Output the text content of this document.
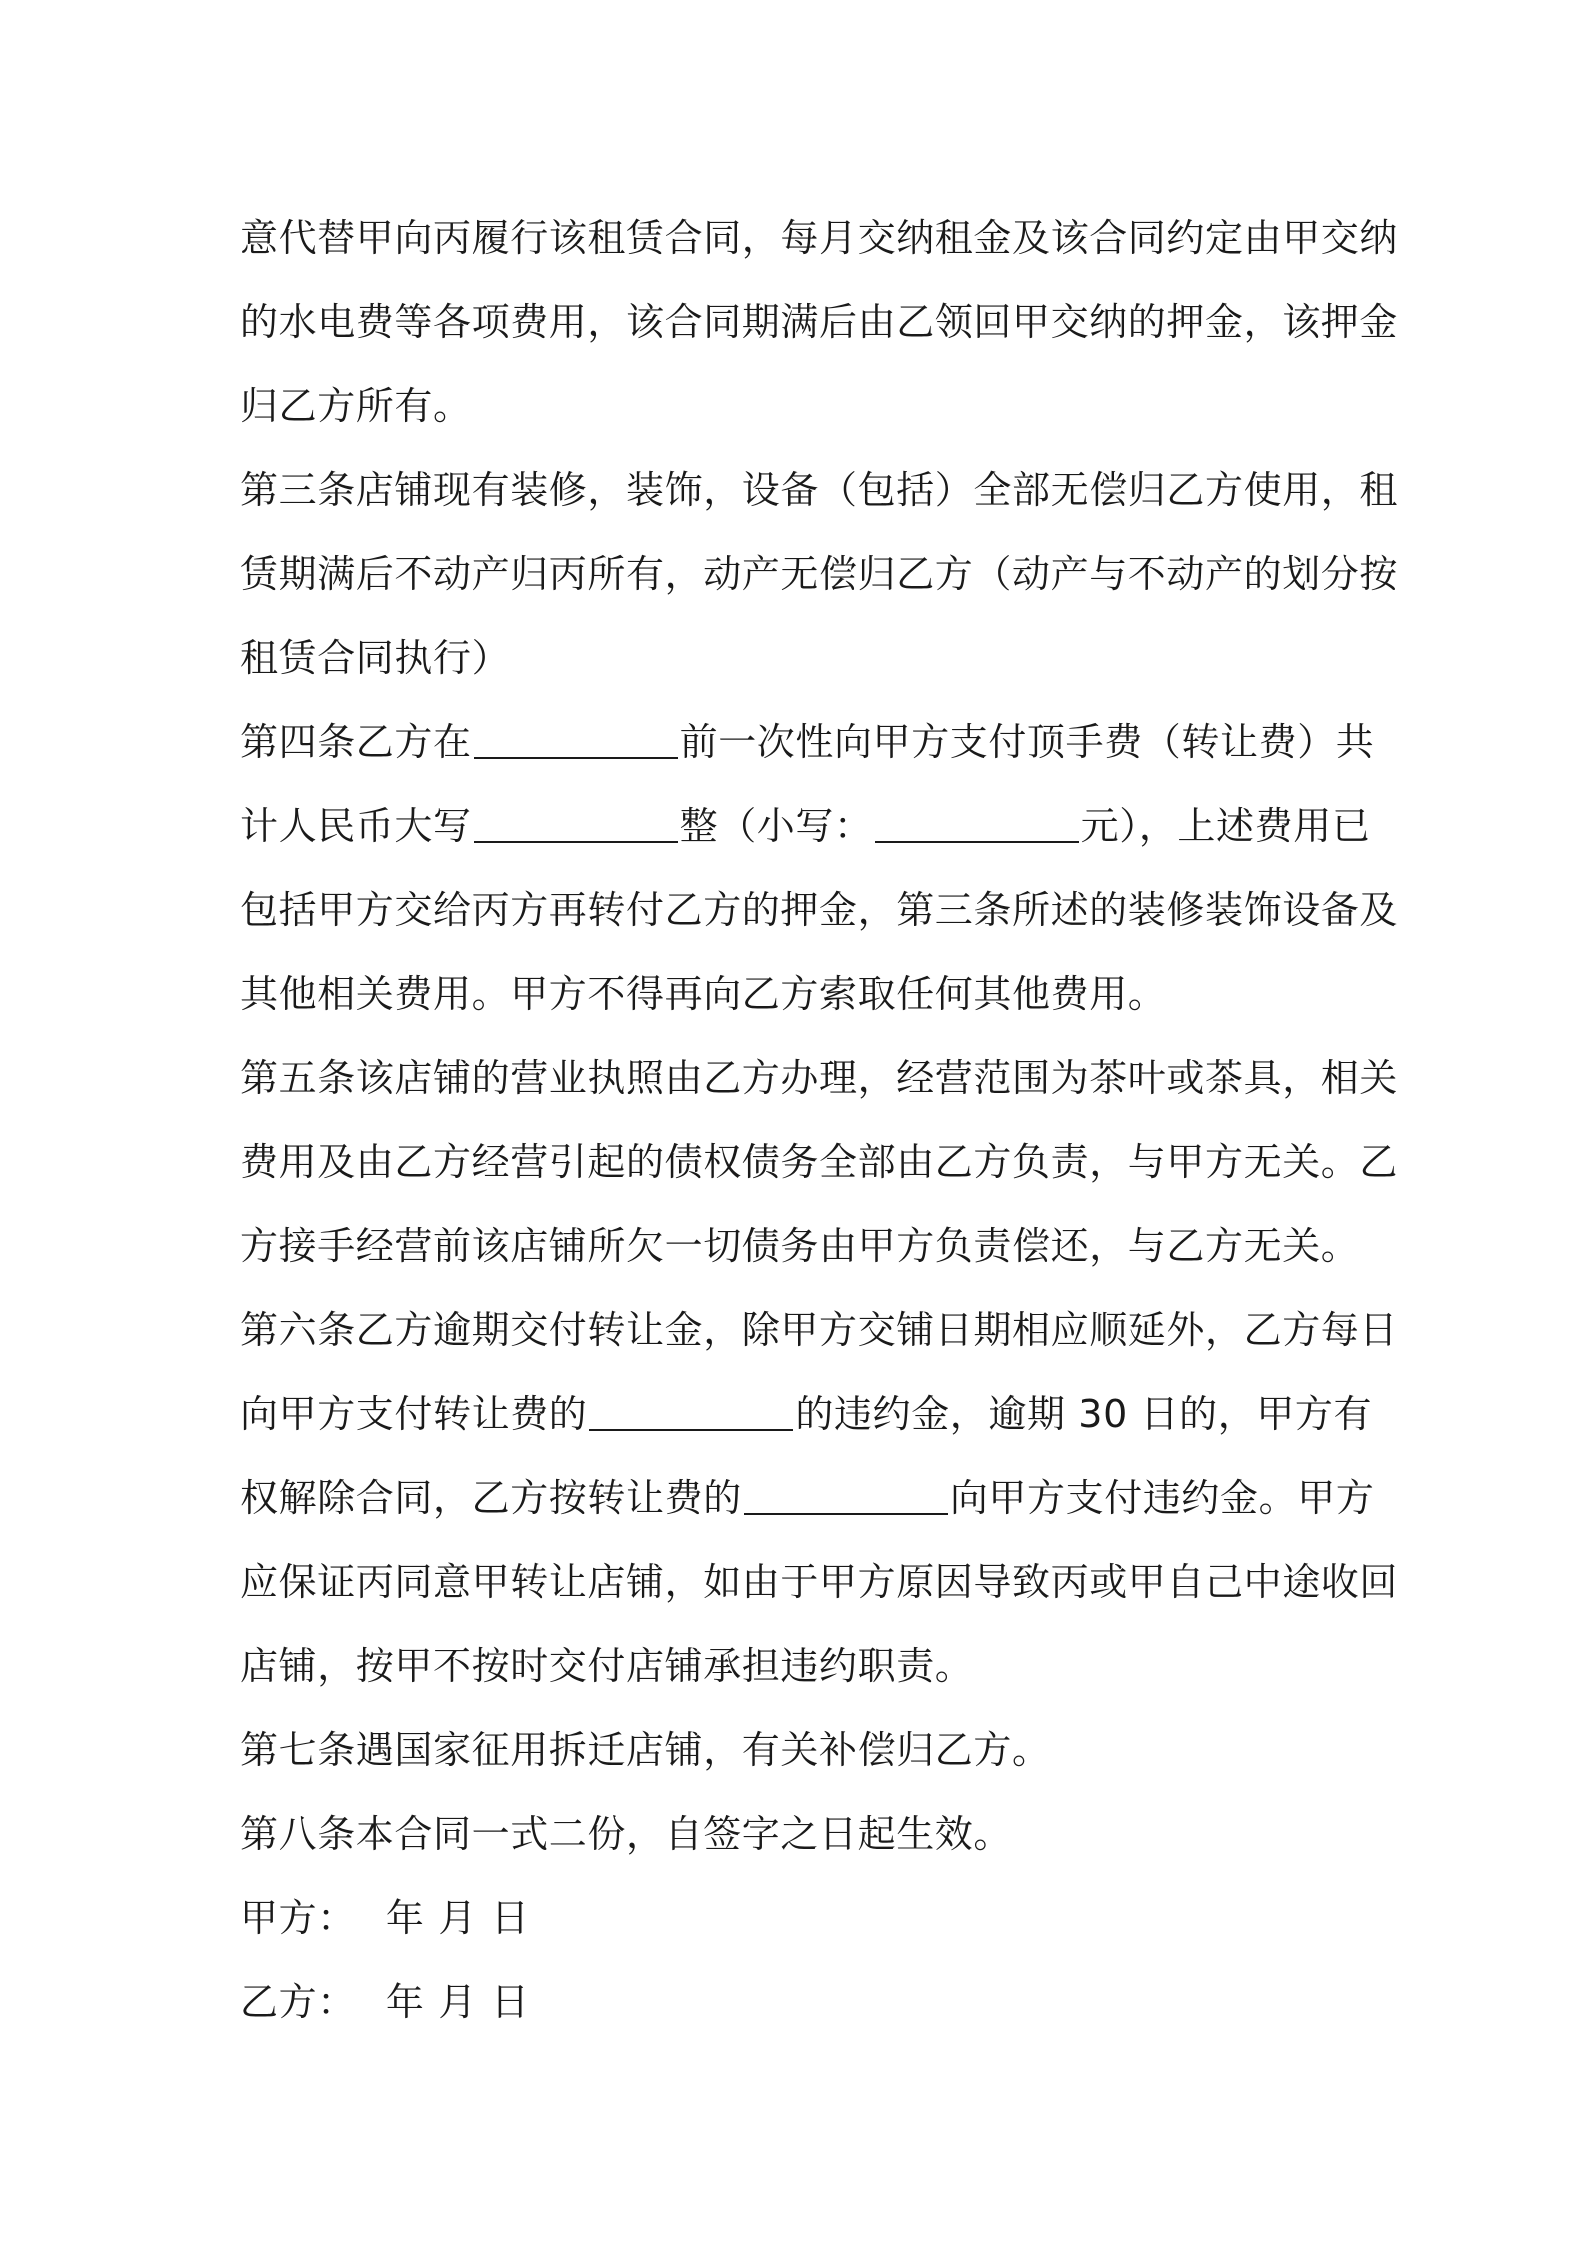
意代替甲向丙履行该租赁合同，每月交纳租金及该合同约定由甲交纳
的水电费等各项费用，该合同期满后由乙领回甲交纳的押金，该押金
归乙方所有。
第三条店铺现有装修，装饰，设备（包括）全部无偿归乙方使用，租
赁期满后不动产归丙所有，动产无偿归乙方（动产与不动产的划分按
租赁合同执行）
第四条乙方在	前一次性向甲方支付顶手费（转让费）共
计人民币大写	整（小写：	元），上述费用已
包括甲方交给丙方再转付乙方的押金，第三条所述的装修装饰设备及
其他相关费用。甲方不得再向乙方索取任何其他费用。
第五条该店铺的营业执照由乙方办理，经营范围为茶叶或茶具，相关
费用及由乙方经营引起的债权债务全部由乙方负责，与甲方无关。乙
方接手经营前该店铺所欠一切债务由甲方负责偿还，与乙方无关。
第六条乙方逾期交付转让金，除甲方交铺日期相应顺延外，乙方每日
向甲方支付转让费的	的违约金，逾期 30 日的，甲方有
权解除合同，乙方按转让费的	向甲方支付违约金。甲方
应保证丙同意甲转让店铺，如由于甲方原因导致丙或甲自己中途收回
店铺，按甲不按时交付店铺承担违约职责。
第七条遇国家征用拆迁店铺，有关补偿归乙方。
第八条本合同一式二份，自签字之日起生效。
甲方： 年 月 日
乙方： 年 月 日
